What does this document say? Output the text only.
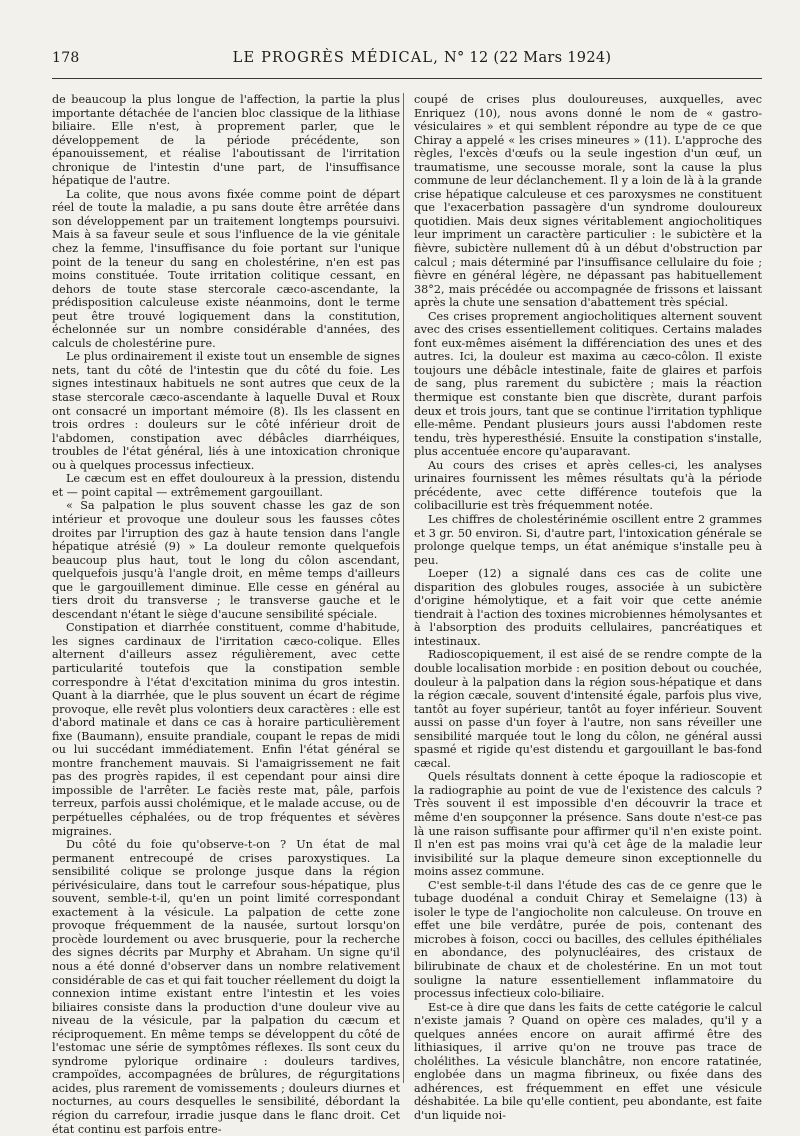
178	LE PROGRÈS MÉDICAL, N° 12 (22 Mars 1924)

de beaucoup la plus longue de l'affection, la partie la plus importante détachée de l'ancien bloc classique de la lithiase biliaire. Elle n'est, à proprement parler, que le développement de la période précédente, son épanouissement, et réalise l'aboutissant de l'irritation chronique de l'intestin d'une part, de l'insuffisance hépatique de l'autre.

La colite, que nous avons fixée comme point de départ réel de toute la maladie, a pu sans doute être arrêtée dans son développement par un traitement longtemps poursuivi. Mais à sa faveur seule et sous l'influence de la vie génitale chez la femme, l'insuffisance du foie portant sur l'unique point de la teneur du sang en cholestérine, n'en est pas moins constituée. Toute irritation colitique cessant, en dehors de toute stase stercorale cæco-ascendante, la prédisposition calculeuse existe néanmoins, dont le terme peut être trouvé logiquement dans la constitution, échelonnée sur un nombre considérable d'années, des calculs de cholestérine pure.

Le plus ordinairement il existe tout un ensemble de signes nets, tant du côté de l'intestin que du côté du foie. Les signes intestinaux habituels ne sont autres que ceux de la stase stercorale cæco-ascendante à laquelle Duval et Roux ont consacré un important mémoire (8). Ils les classent en trois ordres : douleurs sur le côté inférieur droit de l'abdomen, constipation avec débâcles diarrhéiques, troubles de l'état général, liés à une intoxication chronique ou à quelques processus infectieux.

Le cæcum est en effet douloureux à la pression, distendu et — point capital — extrêmement gargouillant.

« Sa palpation le plus souvent chasse les gaz de son intérieur et provoque une douleur sous les fausses côtes droites par l'irruption des gaz à haute tension dans l'angle hépatique atrésié (9) » La douleur remonte quelquefois beaucoup plus haut, tout le long du côlon ascendant, quelquefois jusqu'à l'angle droit, en même temps d'ailleurs que le gargouillement diminue. Elle cesse en général au tiers droit du transverse ; le transverse gauche et le descendant n'étant le siège d'aucune sensibilité spéciale.

Constipation et diarrhée constituent, comme d'habitude, les signes cardinaux de l'irritation cæco-colique. Elles alternent d'ailleurs assez régulièrement, avec cette particularité toutefois que la constipation semble correspondre à l'état d'excitation minima du gros intestin. Quant à la diarrhée, que le plus souvent un écart de régime provoque, elle revêt plus volontiers deux caractères : elle est d'abord matinale et dans ce cas à horaire particulièrement fixe (Baumann), ensuite prandiale, coupant le repas de midi ou lui succédant immédiatement. Enfin l'état général se montre franchement mauvais. Si l'amaigrissement ne fait pas des progrès rapides, il est cependant pour ainsi dire impossible de l'arrêter. Le faciès reste mat, pâle, parfois terreux, parfois aussi cholémique, et le malade accuse, ou de perpétuelles céphalées, ou de trop fréquentes et sévères migraines.

Du côté du foie qu'observe-t-on ? Un état de mal permanent entrecoupé de crises paroxystiques. La sensibilité colique se prolonge jusque dans la région périvésiculaire, dans tout le carrefour sous-hépatique, plus souvent, semble-t-il, qu'en un point limité correspondant exactement à la vésicule. La palpation de cette zone provoque fréquemment de la nausée, surtout lorsqu'on procède lourdement ou avec brusquerie, pour la recherche des signes décrits par Murphy et Abraham. Un signe qu'il nous a été donné d'observer dans un nombre relativement considérable de cas et qui fait toucher réellement du doigt la connexion intime existant entre l'intestin et les voies biliaires consiste dans la production d'une douleur vive au niveau de la vésicule, par la palpation du cæcum et réciproquement. En même temps se développent du côté de l'estomac une série de symptômes réflexes. Ils sont ceux du syndrome pylorique ordinaire : douleurs tardives, crampoïdes, accompagnées de brûlures, de régurgitations acides, plus rarement de vomissements ; douleurs diurnes et nocturnes, au cours desquelles le sensibilité, débordant la région du carrefour, irradie jusque dans le flanc droit. Cet état continu est parfois entre-

coupé de crises plus douloureuses, auxquelles, avec Enriquez (10), nous avons donné le nom de « gastro-vésiculaires » et qui semblent répondre au type de ce que Chiray a appelé « les crises mineures » (11). L'approche des règles, l'excès d'œufs ou la seule ingestion d'un œuf, un traumatisme, une secousse morale, sont la cause la plus commune de leur déclanchement. Il y a loin de là à la grande crise hépatique calculeuse et ces paroxysmes ne constituent que l'exacerbation passagère d'un syndrome douloureux quotidien. Mais deux signes véritablement angiocholitiques leur impriment un caractère particulier : le subictère et la fièvre, subictère nullement dû à un début d'obstruction par calcul ; mais déterminé par l'insuffisance cellulaire du foie ; fièvre en général légère, ne dépassant pas habituellement 38°2, mais précédée ou accompagnée de frissons et laissant après la chute une sensation d'abattement très spécial.

Ces crises proprement angiocholitiques alternent souvent avec des crises essentiellement colitiques. Certains malades font eux-mêmes aisément la différenciation des unes et des autres. Ici, la douleur est maxima au cæco-côlon. Il existe toujours une débâcle intestinale, faite de glaires et parfois de sang, plus rarement du subictère ; mais la réaction thermique est constante bien que discrète, durant parfois deux et trois jours, tant que se continue l'irritation typhlique elle-même. Pendant plusieurs jours aussi l'abdomen reste tendu, très hyperesthésié. Ensuite la constipation s'installe, plus accentuée encore qu'auparavant.

Au cours des crises et après celles-ci, les analyses urinaires fournissent les mêmes résultats qu'à la période précédente, avec cette différence toutefois que la colibacillurie est très fréquemment notée.

Les chiffres de cholestérinémie oscillent entre 2 grammes et 3 gr. 50 environ. Si, d'autre part, l'intoxication générale se prolonge quelque temps, un état anémique s'installe peu à peu.

Loeper (12) a signalé dans ces cas de colite une disparition des globules rouges, associée à un subictère d'origine hémolytique, et a fait voir que cette anémie tiendrait à l'action des toxines microbiennes hémolysantes et à l'absorption des produits cellulaires, pancréatiques et intestinaux.

Radioscopiquement, il est aisé de se rendre compte de la double localisation morbide : en position debout ou couchée, douleur à la palpation dans la région sous-hépatique et dans la région cæcale, souvent d'intensité égale, parfois plus vive, tantôt au foyer supérieur, tantôt au foyer inférieur. Souvent aussi on passe d'un foyer à l'autre, non sans réveiller une sensibilité marquée tout le long du côlon, ne général aussi spasmé et rigide qu'est distendu et gargouillant le bas-fond cæcal.

Quels résultats donnent à cette époque la radioscopie et la radiographie au point de vue de l'existence des calculs ? Très souvent il est impossible d'en découvrir la trace et même d'en soupçonner la présence. Sans doute n'est-ce pas là une raison suffisante pour affirmer qu'il n'en existe point. Il n'en est pas moins vrai qu'à cet âge de la maladie leur invisibilité sur la plaque demeure sinon exceptionnelle du moins assez commune.

C'est semble-t-il dans l'étude des cas de ce genre que le tubage duodénal a conduit Chiray et Semelaigne (13) à isoler le type de l'angiocholite non calculeuse. On trouve en effet une bile verdâtre, purée de pois, contenant des microbes à foison, cocci ou bacilles, des cellules épithéliales en abondance, des polynucléaires, des cristaux de bilirubinate de chaux et de cholestérine. En un mot tout souligne la nature essentiellement inflammatoire du processus infectieux colo-biliaire.

Est-ce à dire que dans les faits de cette catégorie le calcul n'existe jamais ? Quand on opère ces malades, qu'il y a quelques années encore on aurait affirmé être des lithiasiques, il arrive qu'on ne trouve pas trace de cholélithes. La vésicule blanchâtre, non encore ratatinée, englobée dans un magma fibrineux, ou fixée dans des adhérences, est fréquemment en effet une vésicule déshabitée. La bile qu'elle contient, peu abondante, est faite d'un liquide noi-
